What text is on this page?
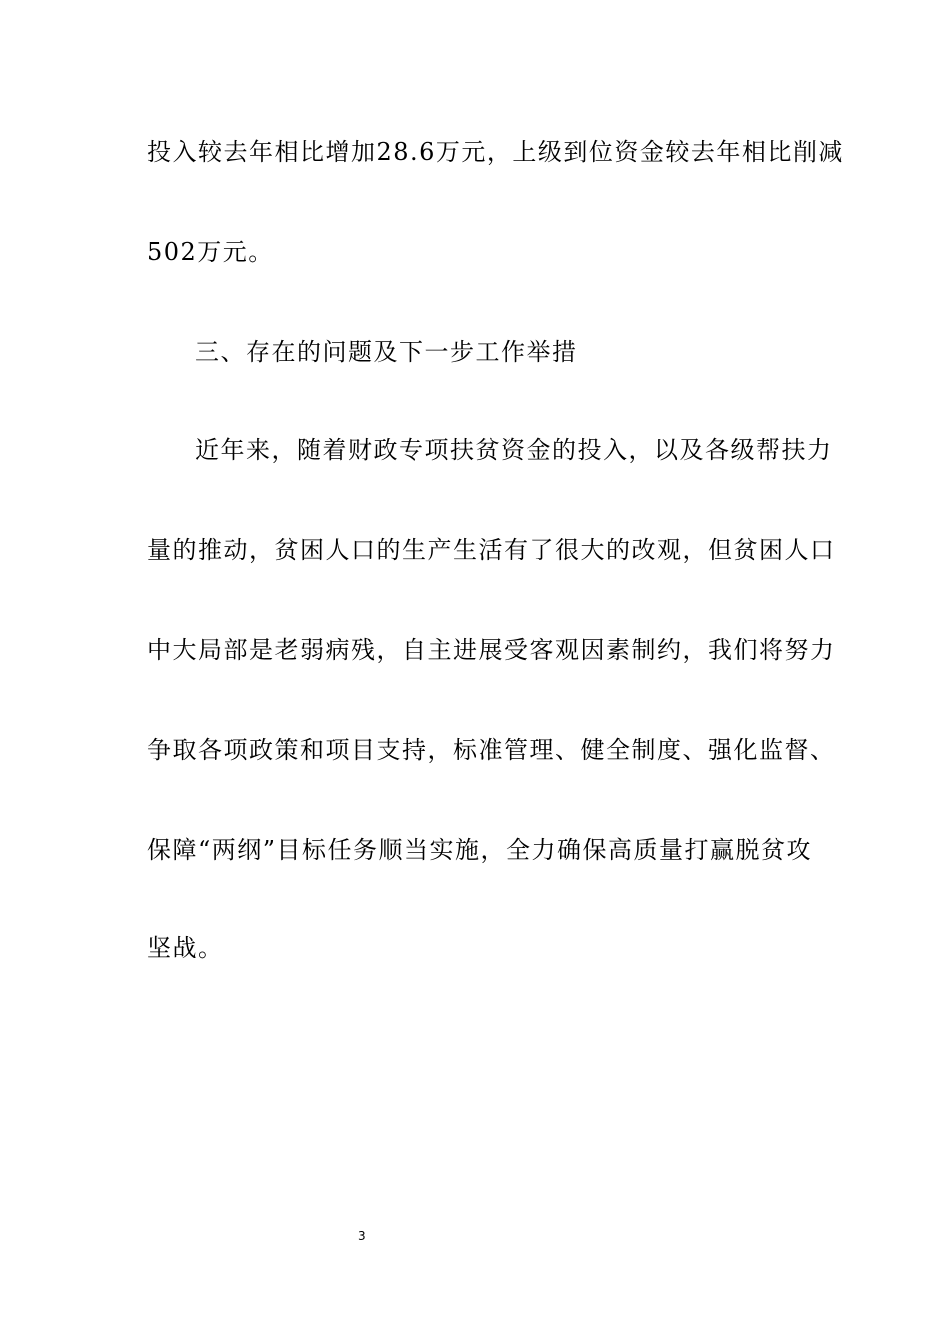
投入较去年相比增加28.6万元，上级到位资金较去年相比削减
502万元。
三、存在的问题及下一步工作举措
近年来，随着财政专项扶贫资金的投入，以及各级帮扶力
量的推动，贫困人口的生产生活有了很大的改观，但贫困人口
中大局部是老弱病残，自主进展受客观因素制约，我们将努力
争取各项政策和项目支持，标准管理、健全制度、强化监督、
保障“两纲”目标任务顺当实施，全力确保高质量打赢脱贫攻
坚战。
3
